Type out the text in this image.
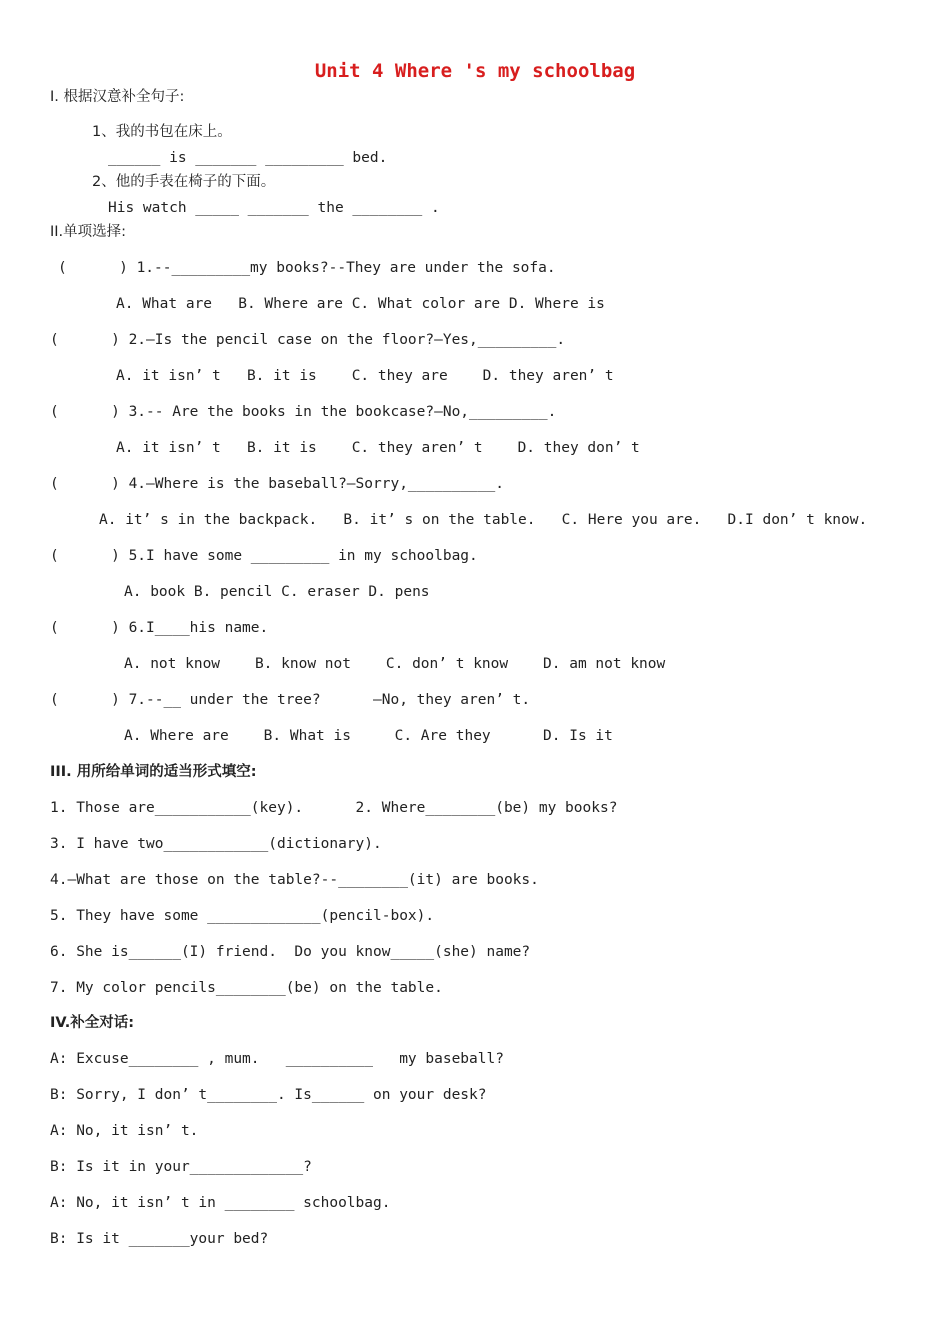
Unit 4 Where 's my schoolbag
I. 根据汉意补全句子:
1、我的书包在床上。
______ is _______ _________ bed.
2、他的手表在椅子的下面。
His watch _____ _______ the ________ .
II.单项选择:
(      ) 1.--_________my books?--They are under the sofa.
A. What are   B. Where are C. What color are D. Where is
(      ) 2.—Is the pencil case on the floor?—Yes,_________.
A. it isn’ t   B. it is    C. they are    D. they aren’ t
(      ) 3.-- Are the books in the bookcase?—No,_________.
A. it isn’ t   B. it is    C. they aren’ t    D. they don’ t
(      ) 4.—Where is the baseball?—Sorry,__________.
A. it’ s in the backpack.   B. it’ s on the table.   C. Here you are.   D.I don’ t know.
(      ) 5.I have some _________ in my schoolbag.
A. book B. pencil C. eraser D. pens
(      ) 6.I____his name.
A. not know    B. know not    C. don’ t know    D. am not know
(      ) 7.--__ under the tree?      —No, they aren’ t.
A. Where are    B. What is     C. Are they      D. Is it
III. 用所给单词的适当形式填空:
1. Those are___________(key).      2. Where________(be) my books?
3. I have two____________(dictionary).
4.—What are those on the table?--________(it) are books.
5. They have some _____________(pencil-box).
6. She is______(I) friend.  Do you know_____(she) name?
7. My color pencils________(be) on the table.
IV.补全对话:
A: Excuse________ , mum.   __________   my baseball?
B: Sorry, I don’ t________. Is______ on your desk?
A: No, it isn’ t.
B: Is it in your_____________?
A: No, it isn’ t in ________ schoolbag.
B: Is it _______your bed?
